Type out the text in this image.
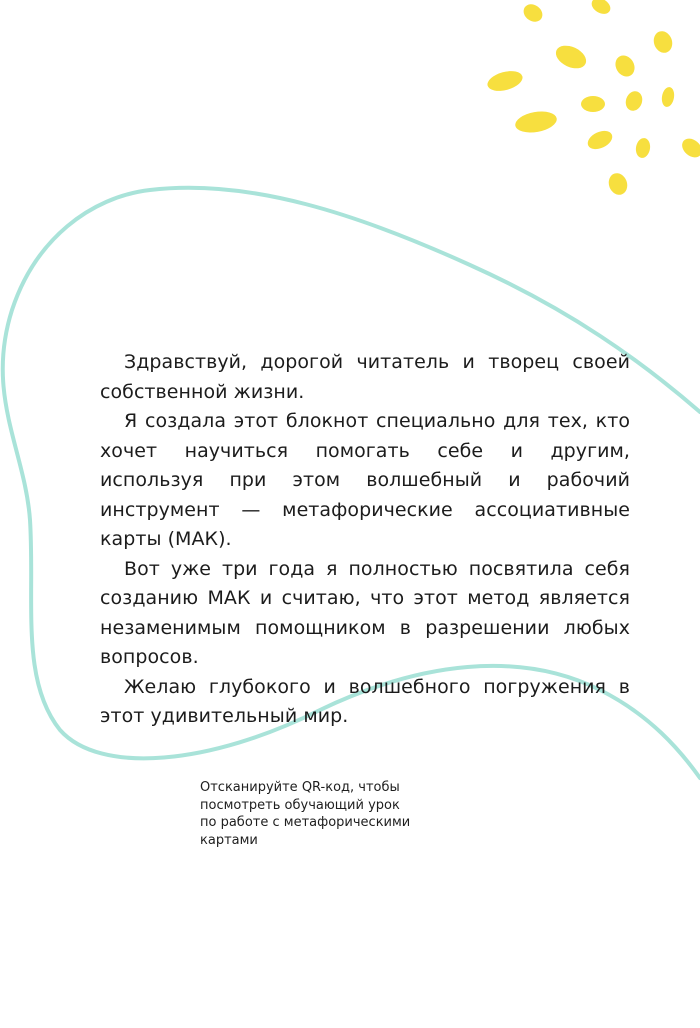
Здравствуй, дорогой читатель и творец своей собственной жизни.

Я создала этот блокнот специально для тех, кто хочет научиться помогать себе и другим, используя при этом волшебный и рабочий инструмент — метафорические ассоциативные карты (МАК).

Вот уже три года я полностью посвятила себя созданию МАК и считаю, что этот метод является незаменимым помощником в разрешении любых вопросов.

Желаю глубокого и волшебного погружения в этот удивительный мир.

Отсканируйте QR-код, чтобы
посмотреть обучающий урок
по работе с метафорическими
картами
